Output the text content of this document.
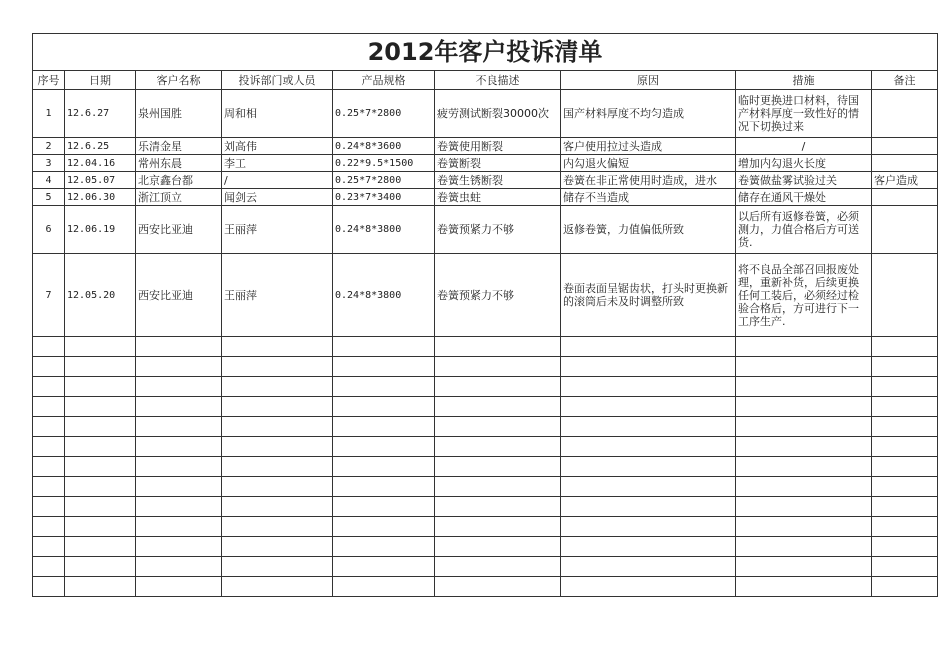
2012年客户投诉清单								
序号	日期	客户名称	投诉部门或人员	产品规格	不良描述	原因	措施	备注
1	12.6.27	泉州国胜	周和相	0.25*7*2800	疲劳测试断裂30000次	国产材料厚度不均匀造成	临时更换进口材料，待国产材料厚度一致性好的情况下切换过来	
2	12.6.25	乐清金星	刘高伟	0.24*8*3600	卷簧使用断裂	客户使用拉过头造成	/	
3	12.04.16	常州东晨	李工	0.22*9.5*1500	卷簧断裂	内勾退火偏短	增加内勾退火长度	
4	12.05.07	北京鑫台都	/	0.25*7*2800	卷簧生锈断裂	卷簧在非正常使用时造成，进水	卷簧做盐雾试验过关	客户造成
5	12.06.30	浙江顶立	闻剑云	0.23*7*3400	卷簧虫蛀	储存不当造成	储存在通风干燥处	
6	12.06.19	西安比亚迪	王丽萍	0.24*8*3800	卷簧预紧力不够	返修卷簧，力值偏低所致	以后所有返修卷簧，必须测力，力值合格后方可送货.	
7	12.05.20	西安比亚迪	王丽萍	0.24*8*3800	卷簧预紧力不够	卷面表面呈锯齿状，打头时更换新的滚筒后未及时调整所致	将不良品全部召回报废处理，重新补货，后续更换任何工装后，必须经过检验合格后，方可进行下一工序生产.	
